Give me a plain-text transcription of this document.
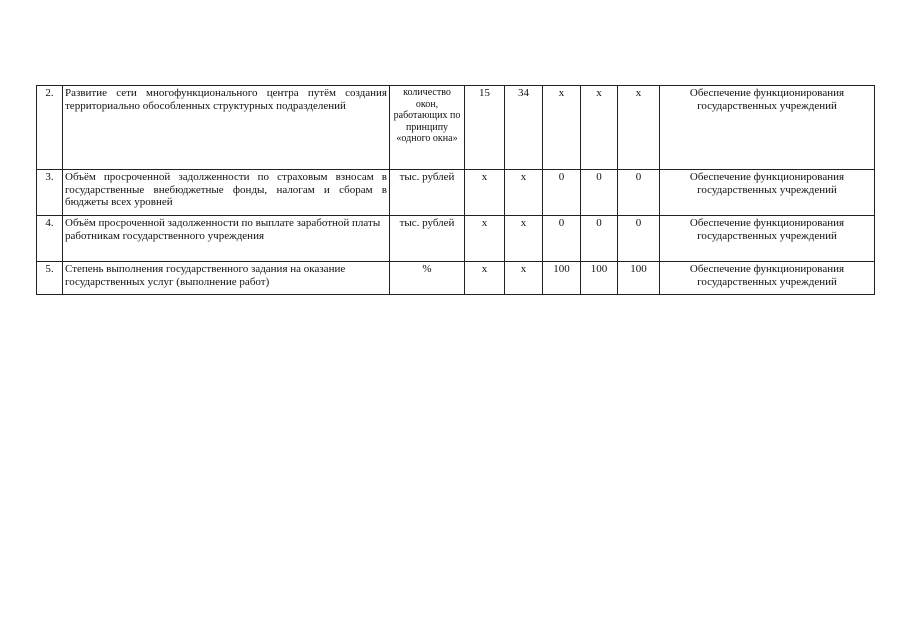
2.	Развитие сети многофункционального центра путём создания территориально обособленных структурных подразделений	количество окон, работающих по принципу «одного окна»	15	34	х	х	х	Обеспечение функционирования государственных учреждений
3.	Объём просроченной задолженности по страховым взносам в государственные внебюджетные фонды, налогам и сборам в бюджеты всех уровней	тыс. рублей	х	х	0	0	0	Обеспечение функционирования государственных учреждений
4.	Объём просроченной задолженности по выплате заработной платы работникам государственного учреждения	тыс. рублей	х	х	0	0	0	Обеспечение функционирования государственных учреждений
5.	Степень выполнения государственного задания на оказание государственных услуг (выполнение работ)	%	х	х	100	100	100	Обеспечение функционирования государственных учреждений
